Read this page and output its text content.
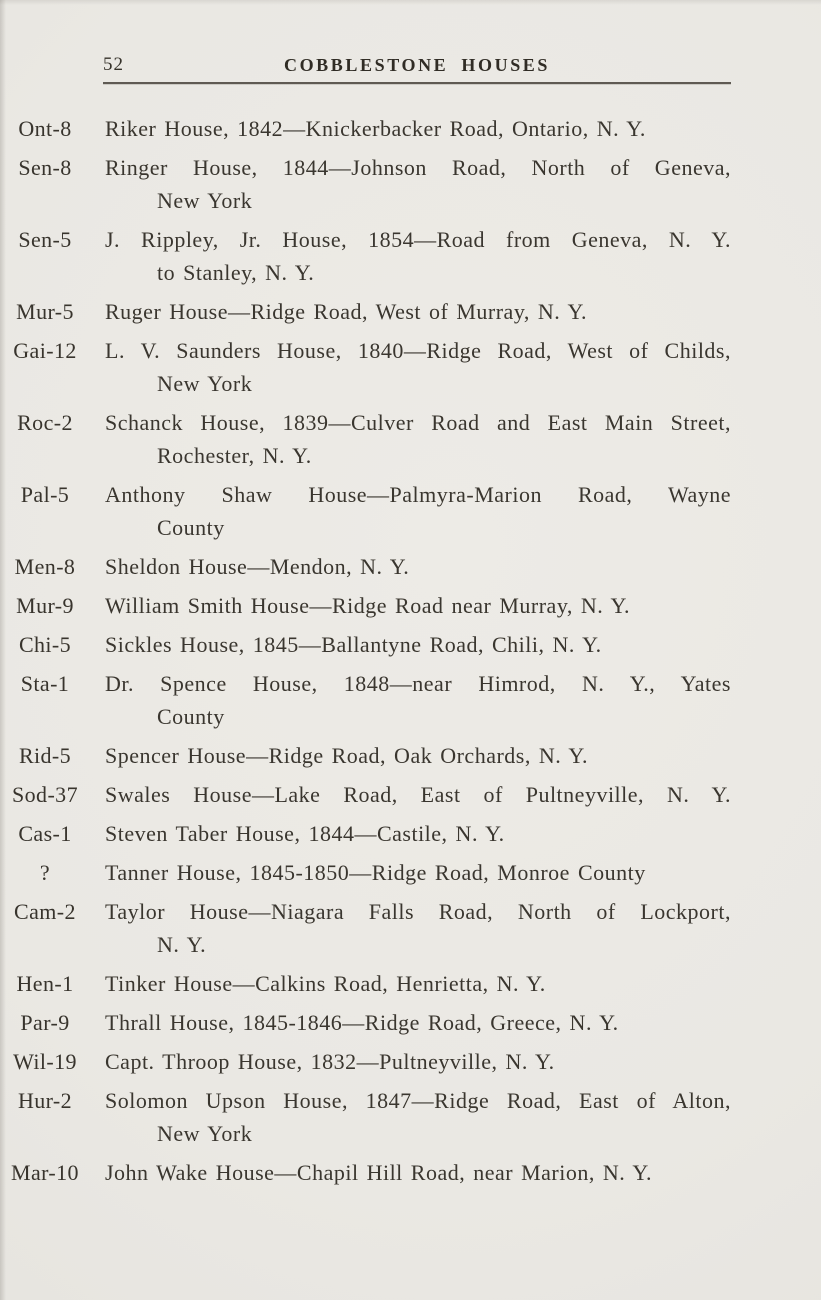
52	COBBLESTONE HOUSES
Ont-8	Riker House, 1842—Knickerbacker Road, Ontario, N. Y.
Sen-8	Ringer House, 1844—Johnson Road, North of Geneva,
New York
Sen-5	J. Rippley, Jr. House, 1854—Road from Geneva, N. Y.
to Stanley, N. Y.
Mur-5	Ruger House—Ridge Road, West of Murray, N. Y.
Gai-12	L. V. Saunders House, 1840—Ridge Road, West of Childs,
New York
Roc-2	Schanck House, 1839—Culver Road and East Main Street,
Rochester, N. Y.
Pal-5	Anthony Shaw House—Palmyra-Marion Road, Wayne
County
Men-8	Sheldon House—Mendon, N. Y.
Mur-9	William Smith House—Ridge Road near Murray, N. Y.
Chi-5	Sickles House, 1845—Ballantyne Road, Chili, N. Y.
Sta-1	Dr. Spence House, 1848—near Himrod, N. Y., Yates
County
Rid-5	Spencer House—Ridge Road, Oak Orchards, N. Y.
Sod-37	Swales House—Lake Road, East of Pultneyville, N. Y.
Cas-1	Steven Taber House, 1844—Castile, N. Y.
?	Tanner House, 1845-1850—Ridge Road, Monroe County
Cam-2	Taylor House—Niagara Falls Road, North of Lockport,
N. Y.
Hen-1	Tinker House—Calkins Road, Henrietta, N. Y.
Par-9	Thrall House, 1845-1846—Ridge Road, Greece, N. Y.
Wil-19	Capt. Throop House, 1832—Pultneyville, N. Y.
Hur-2	Solomon Upson House, 1847—Ridge Road, East of Alton,
New York
Mar-10	John Wake House—Chapil Hill Road, near Marion, N. Y.
